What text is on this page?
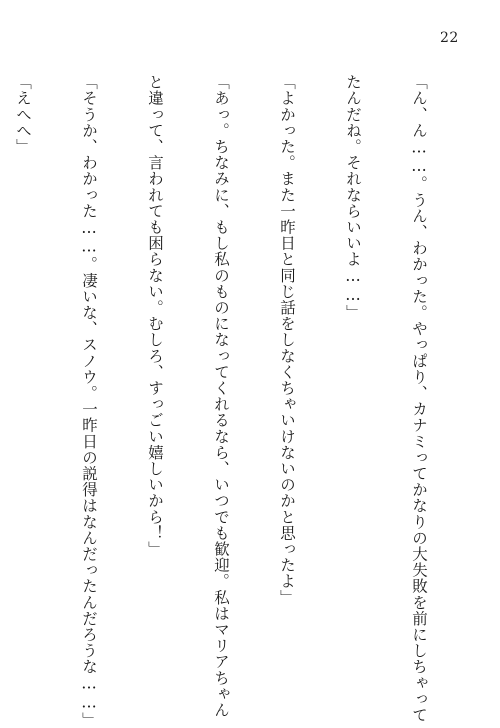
22

「ん、ん……。うん、わかった。やっぱり、カナミってかなりの大失敗を前にしちゃって

たんだね。それならいいよ……」

「よかった。また一昨日と同じ話をしなくちゃいけないのかと思ったよ」

「あっ。ちなみに、もし私のものになってくれるなら、いつでも歓迎。私はマリアちゃん

と違って、言われても困らない。むしろ、すっごい嬉しいから！」

「そうか、わかった……。凄いな、スノウ。一昨日の説得はなんだったんだろうな……」

「えへへ」
